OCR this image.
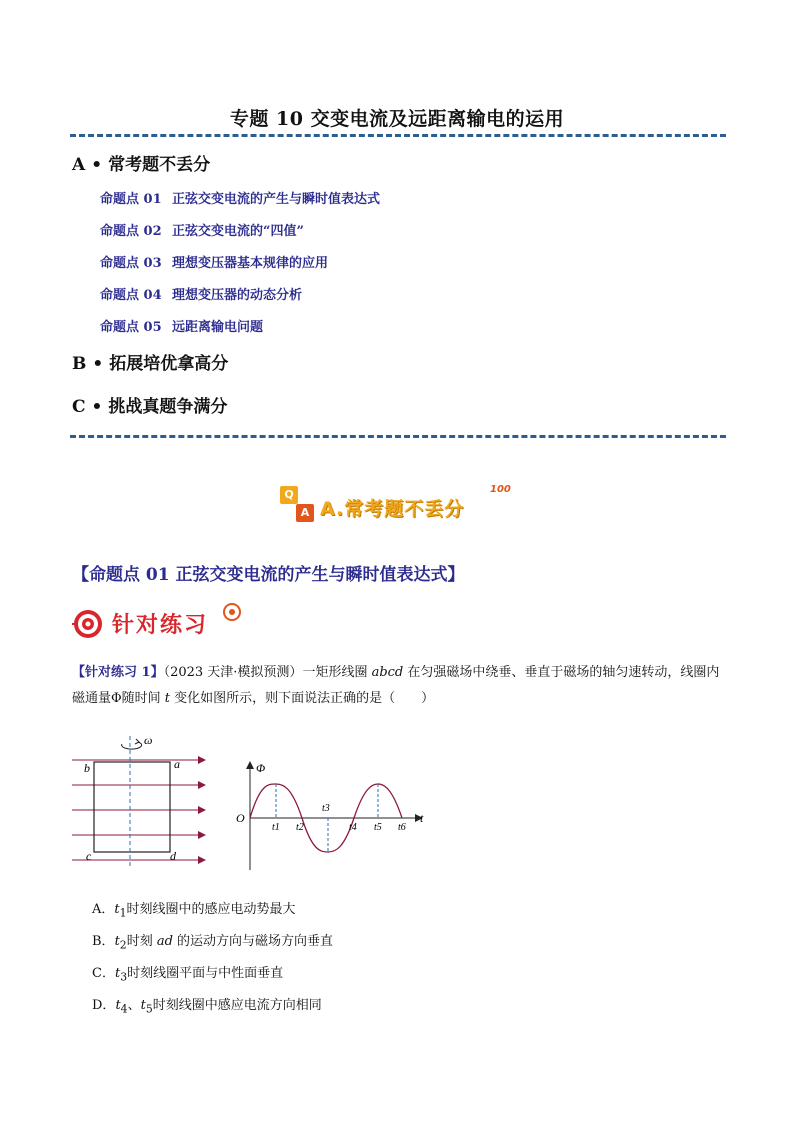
专题 10 交变电流及远距离输电的运用
A • 常考题不丢分
命题点 01 正弦交变电流的产生与瞬时值表达式
命题点 02 正弦交变电流的“四值”
命题点 03 理想变压器基本规律的应用
命题点 04 理想变压器的动态分析
命题点 05 远距离输电问题
B • 拓展培优拿高分
C • 挑战真题争满分
Q
A A.常考题不丢分
100
【命题点 01 正弦交变电流的产生与瞬时值表达式】
针对练习
【针对练习 1】（2023 天津·模拟预测）一矩形线圈 abcd 在匀强磁场中绕垂、垂直于磁场的轴匀速转动，线圈内磁通量Φ随时间 t 变化如图所示，则下面说法正确的是（　　）
ω
b	a
c	d
Φ
O	t
t1 t2
t3
t4 t5 t6
A．$t_1$时刻线圈中的感应电动势最大
B．$t_2$时刻 ad 的运动方向与磁场方向垂直
C．$t_3$时刻线圈平面与中性面垂直
D．$t_4$、$t_5$时刻线圈中感应电流方向相同
